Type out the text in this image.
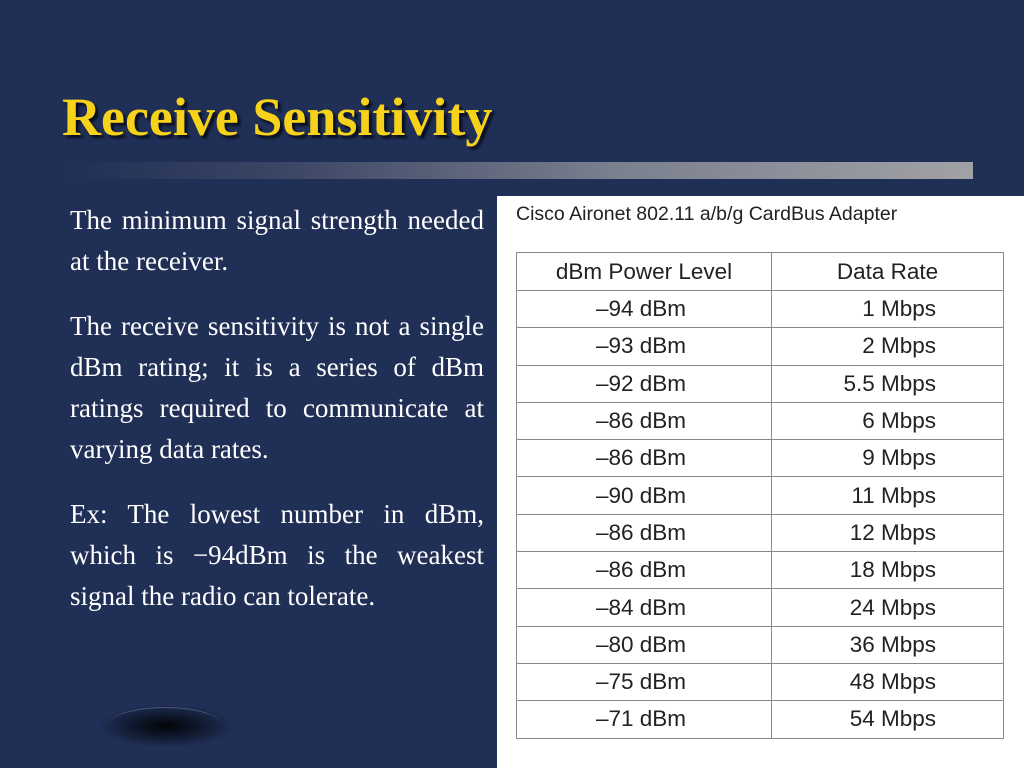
Receive Sensitivity

The minimum signal strength needed at the receiver.

The receive sensitivity is not a single dBm rating; it is a series of dBm ratings required to communicate at varying data rates.

Ex: The lowest number in dBm, which is −94dBm is the weakest signal the radio can tolerate.

Cisco Aironet 802.11 a/b/g CardBus Adapter

dBm Power Level	Data Rate
–94 dBm	1 Mbps
–93 dBm	2 Mbps
–92 dBm	5.5 Mbps
–86 dBm	6 Mbps
–86 dBm	9 Mbps
–90 dBm	11 Mbps
–86 dBm	12 Mbps
–86 dBm	18 Mbps
–84 dBm	24 Mbps
–80 dBm	36 Mbps
–75 dBm	48 Mbps
–71 dBm	54 Mbps
